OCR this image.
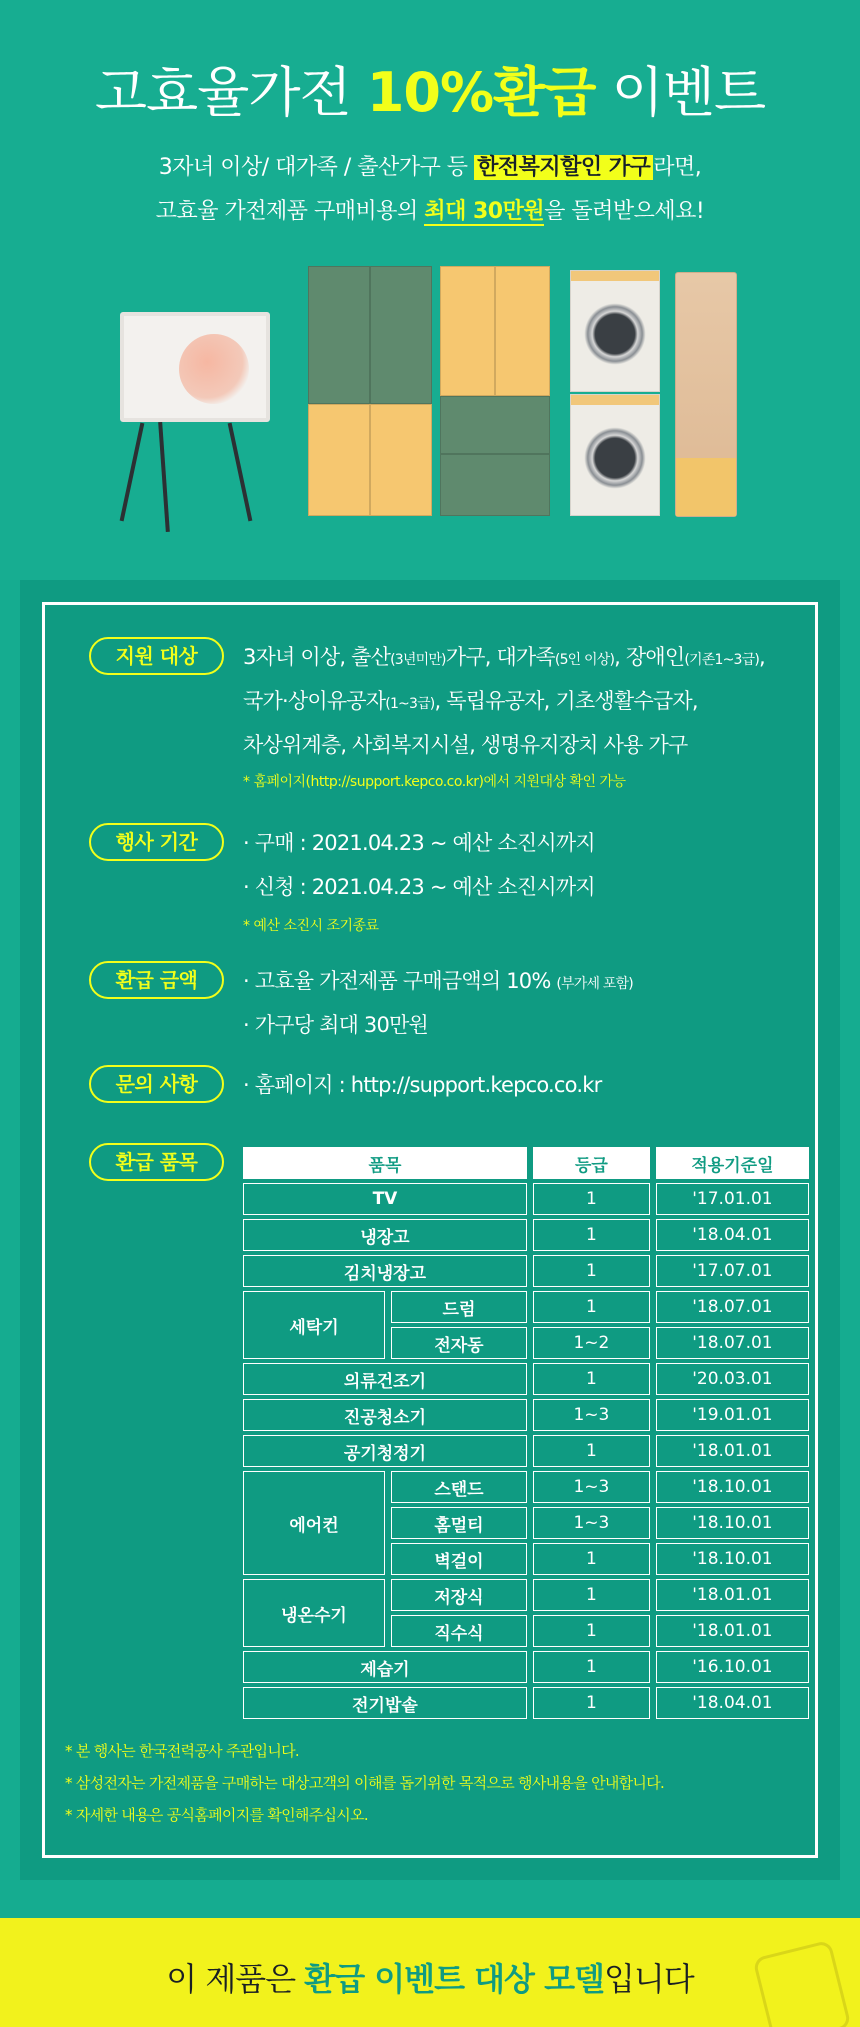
고효율가전 10%환급 이벤트
3자녀 이상/ 대가족 / 출산가구 등 한전복지할인 가구 라면,
고효율 가전제품 구매비용의 최대 30만원을 돌려받으세요!
지원 대상	3자녀 이상, 출산(3년미만)가구, 대가족(5인 이상), 장애인(기존1~3급),
국가·상이유공자(1~3급), 독립유공자, 기초생활수급자,
차상위계층, 사회복지시설, 생명유지장치 사용 가구
* 홈페이지(http://support.kepco.co.kr)에서 지원대상 확인 가능
행사 기간	· 구매 : 2021.04.23 ~ 예산 소진시까지
· 신청 : 2021.04.23 ~ 예산 소진시까지
* 예산 소진시 조기종료
환급 금액	· 고효율 가전제품 구매금액의 10% (부가세 포함)
· 가구당 최대 30만원
문의 사항	· 홈페이지 : http://support.kepco.co.kr
환급 품목	품목		등급	적용기준일
TV		1	'17.01.01
냉장고		1	'18.04.01
김치냉장고		1	'17.07.01
세탁기	드럼	1	'18.07.01
	전자동	1~2	'18.07.01
의류건조기		1	'20.03.01
진공청소기		1~3	'19.01.01
공기청정기		1	'18.01.01
에어컨	스탠드	1~3	'18.10.01
	홈멀티	1~3	'18.10.01
	벽걸이	1	'18.10.01
냉온수기	저장식	1	'18.01.01
	직수식	1	'18.01.01
제습기		1	'16.10.01
전기밥솥		1	'18.04.01
* 본 행사는 한국전력공사 주관입니다.
* 삼성전자는 가전제품을 구매하는 대상고객의 이해를 돕기위한 목적으로 행사내용을 안내합니다.
* 자세한 내용은 공식홈페이지를 확인해주십시오.
이 제품은 환급 이벤트 대상 모델입니다
